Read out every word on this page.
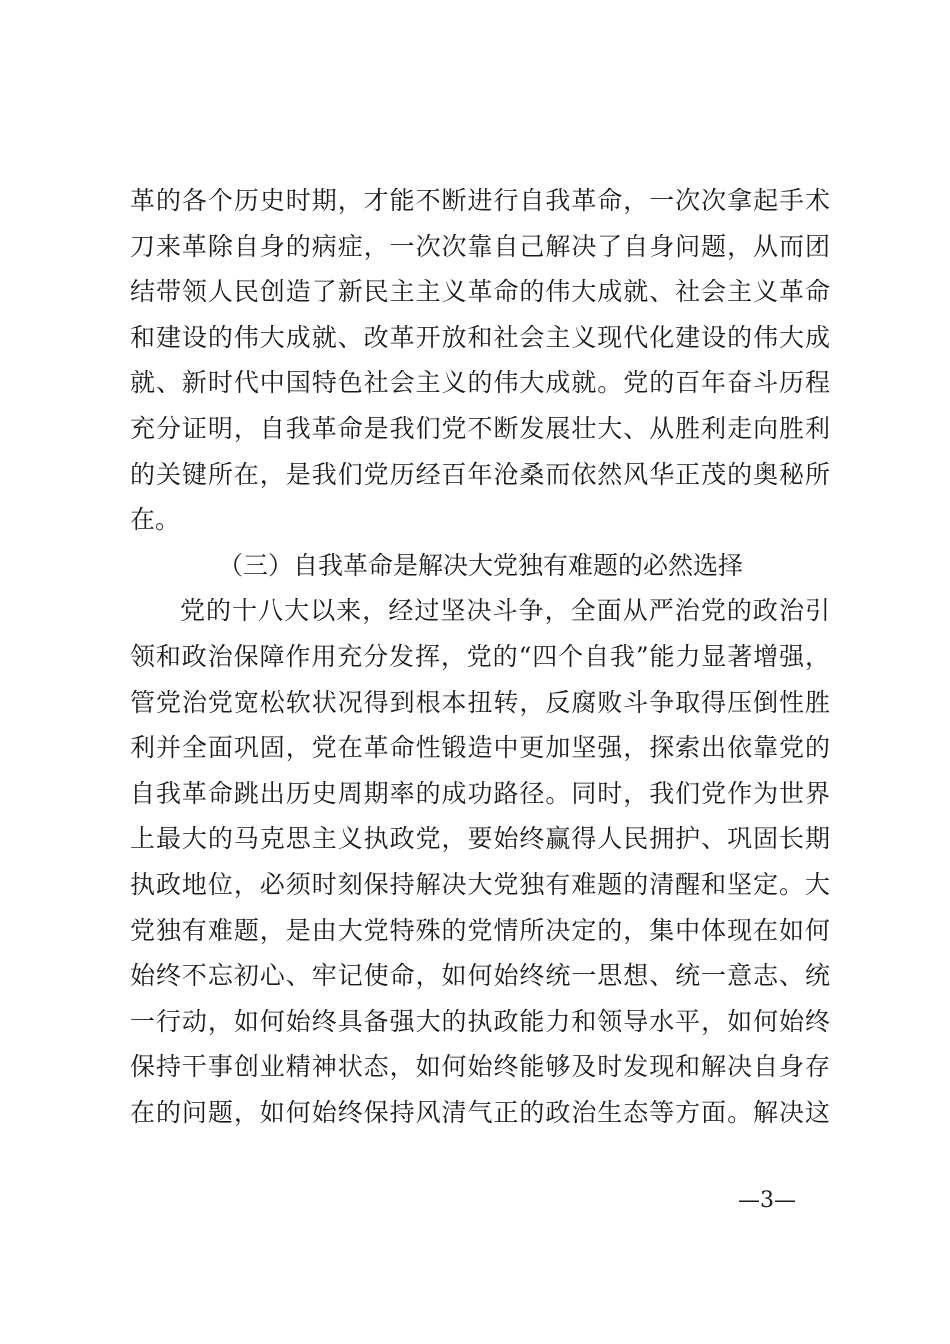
革的各个历史时期，才能不断进行自我革命，一次次拿起手术
刀来革除自身的病症，一次次靠自己解决了自身问题，从而团
结带领人民创造了新民主主义革命的伟大成就、社会主义革命
和建设的伟大成就、改革开放和社会主义现代化建设的伟大成
就、新时代中国特色社会主义的伟大成就。党的百年奋斗历程
充分证明，自我革命是我们党不断发展壮大、从胜利走向胜利
的关键所在，是我们党历经百年沧桑而依然风华正茂的奥秘所
在。
（三）自我革命是解决大党独有难题的必然选择
党的十八大以来，经过坚决斗争，全面从严治党的政治引
领和政治保障作用充分发挥，党的“四个自我”能力显著增强，
管党治党宽松软状况得到根本扭转，反腐败斗争取得压倒性胜
利并全面巩固，党在革命性锻造中更加坚强，探索出依靠党的
自我革命跳出历史周期率的成功路径。同时，我们党作为世界
上最大的马克思主义执政党，要始终赢得人民拥护、巩固长期
执政地位，必须时刻保持解决大党独有难题的清醒和坚定。大
党独有难题，是由大党特殊的党情所决定的，集中体现在如何
始终不忘初心、牢记使命，如何始终统一思想、统一意志、统
一行动，如何始终具备强大的执政能力和领导水平，如何始终
保持干事创业精神状态，如何始终能够及时发现和解决自身存
在的问题，如何始终保持风清气正的政治生态等方面。解决这
—3—
